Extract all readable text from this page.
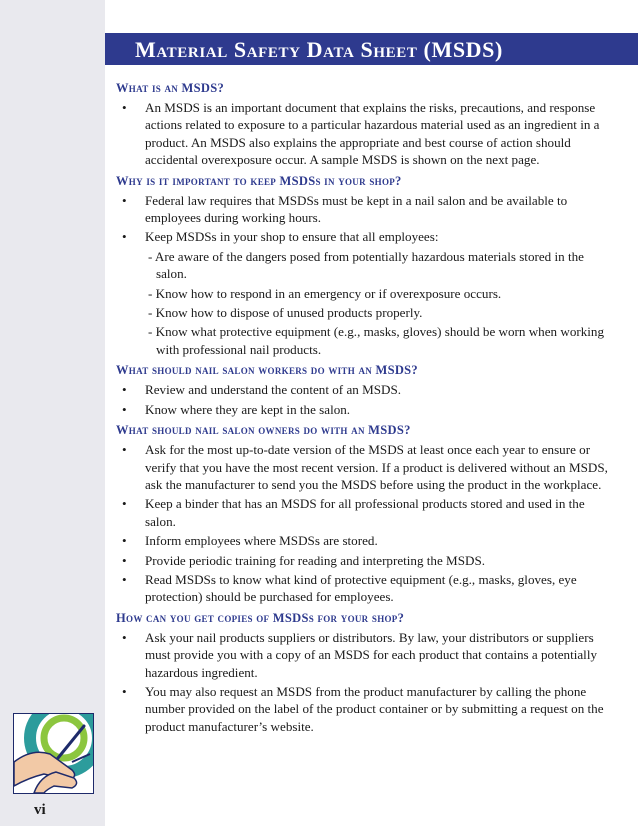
Material Safety Data Sheet (MSDS)
What is an MSDS?
• An MSDS is an important document that explains the risks, precautions, and response actions related to exposure to a particular hazardous material used as an ingredient in a product. An MSDS also explains the appropriate and best course of action should accidental overexposure occur. A sample MSDS is shown on the next page.
Why is it important to keep MSDSs in your shop?
• Federal law requires that MSDSs must be kept in a nail salon and be available to employees during working hours.
• Keep MSDSs in your shop to ensure that all employees:
- Are aware of the dangers posed from potentially hazardous materials stored in the salon.
- Know how to respond in an emergency or if overexposure occurs.
- Know how to dispose of unused products properly.
- Know what protective equipment (e.g., masks, gloves) should be worn when working with professional nail products.
What should nail salon workers do with an MSDS?
• Review and understand the content of an MSDS.
• Know where they are kept in the salon.
What should nail salon owners do with an MSDS?
• Ask for the most up-to-date version of the MSDS at least once each year to ensure or verify that you have the most recent version. If a product is delivered without an MSDS, ask the manufacturer to send you the MSDS before using the product in the workplace.
• Keep a binder that has an MSDS for all professional products stored and used in the salon.
• Inform employees where MSDSs are stored.
• Provide periodic training for reading and interpreting the MSDS.
• Read MSDSs to know what kind of protective equipment (e.g., masks, gloves, eye protection) should be purchased for employees.
How can you get copies of MSDSs for your shop?
• Ask your nail products suppliers or distributors. By law, your distributors or suppliers must provide you with a copy of an MSDS for each product that contains a potentially hazardous ingredient.
• You may also request an MSDS from the product manufacturer by calling the phone number provided on the label of the product container or by submitting a request on the product manufacturer’s website.
vi
